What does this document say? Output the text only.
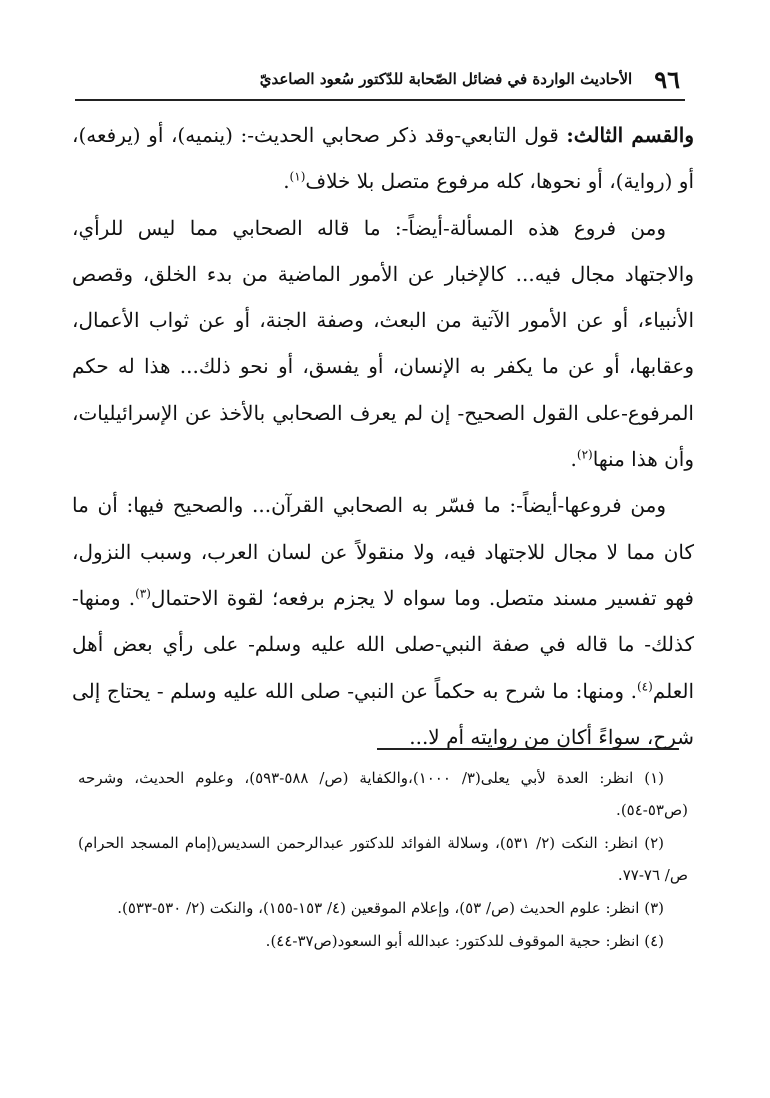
٩٦
الأحاديث الواردة في فضائل الصّحابة للدّكتور سُعود الصاعديّ

والقسم الثالث: قول التابعي-وقد ذكر صحابي الحديث-: (ينميه)، أو (يرفعه)، أو (رواية)، أو نحوها، كله مرفوع متصل بلا خلاف$^{(١)}$.

ومن فروع هذه المسألة-أيضاً-: ما قاله الصحابي مما ليس للرأي، والاجتهاد مجال فيه... كالإخبار عن الأمور الماضية من بدء الخلق، وقصص الأنبياء، أو عن الأمور الآتية من البعث، وصفة الجنة، أو عن ثواب الأعمال، وعقابها، أو عن ما يكفر به الإنسان، أو يفسق، أو نحو ذلك... هذا له حكم المرفوع-على القول الصحيح- إن لم يعرف الصحابي بالأخذ عن الإسرائيليات، وأن هذا منها$^{(٢)}$.

ومن فروعها-أيضاً-: ما فسّر به الصحابي القرآن... والصحيح فيها: أن ما كان مما لا مجال للاجتهاد فيه، ولا منقولاً عن لسان العرب، وسبب النزول، فهو تفسير مسند متصل. وما سواه لا يجزم برفعه؛ لقوة الاحتمال$^{(٣)}$. ومنها-كذلك- ما قاله في صفة النبي-صلى الله عليه وسلم- على رأي بعض أهل العلم$^{(٤)}$. ومنها: ما شرح به حكماً عن النبي- صلى الله عليه وسلم - يحتاج إلى شرح، سواءً أكان من روايته أم لا...

(١) انظر: العدة لأبي يعلى(٣/ ١٠٠٠)،والكفاية (ص/ ٥٨٨-٥٩٣)، وعلوم الحديث، وشرحه (ص٥٣-٥٤).

(٢) انظر: النكت (٢/ ٥٣١)، وسلالة الفوائد للدكتور عبدالرحمن السديس(إمام المسجد الحرام) ص/ ٧٦-٧٧.

(٣) انظر: علوم الحديث (ص/ ٥٣)، وإعلام الموقعين (٤/ ١٥٣-١٥٥)، والنكت (٢/ ٥٣٠-٥٣٣).

(٤) انظر: حجية الموقوف للدكتور: عبدالله أبو السعود(ص٣٧-٤٤).
